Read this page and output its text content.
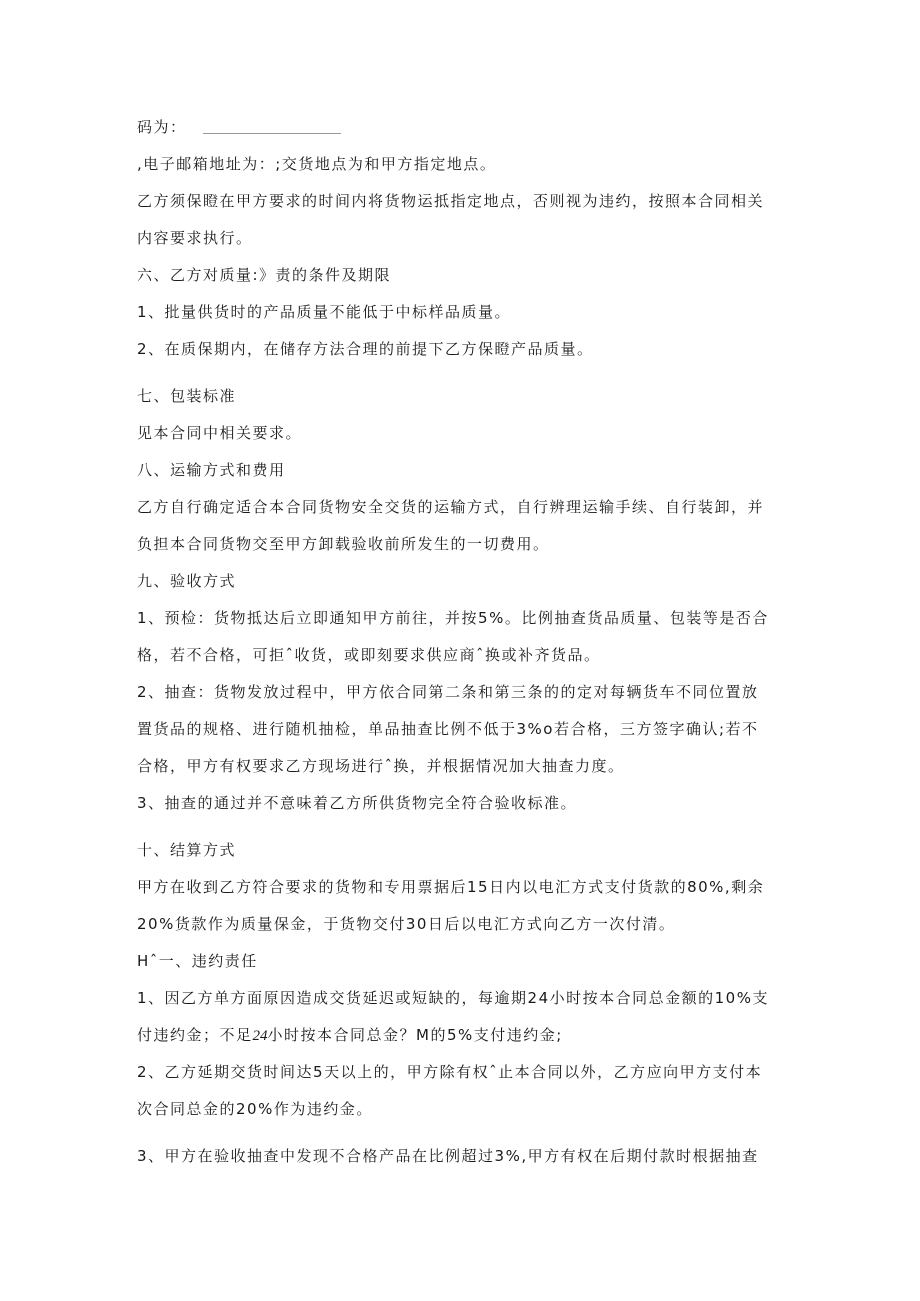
码为：
,电子邮箱地址为：;交货地点为和甲方指定地点。
乙方须保瞪在甲方要求的时间内将货物运抵指定地点，否则视为违约，按照本合同相关
内容要求执行。
六、乙方对质量:》责的条件及期限
1、批量供货时的产品质量不能低于中标样品质量。
2、在质保期内，在储存方法合理的前提下乙方保瞪产品质量。
七、包装标准
见本合同中相关要求。
八、运输方式和费用
乙方自行确定适合本合同货物安全交货的运输方式，自行辨理运输手续、自行装卸，并
负担本合同货物交至甲方卸载验收前所发生的一切费用。
九、验收方式
1、预检：货物抵达后立即通知甲方前往，并按5%。比例抽查货品质量、包装等是否合
格，若不合格，可拒ˆ收货，或即刻要求供应商ˆ换或补齐货品。
2、抽查：货物发放过程中，甲方依合同第二条和第三条的的定对每辆货车不同位置放
置货品的规格、进行随机抽检，单品抽查比例不低于3%o若合格，三方签字确认;若不
合格，甲方有权要求乙方现场进行ˆ换，并根据情况加大抽查力度。
3、抽查的通过并不意味着乙方所供货物完全符合验收标准。
十、结算方式
甲方在收到乙方符合要求的货物和专用票据后15日内以电汇方式支付货款的80%,剩余
20%货款作为质量保金，于货物交付30日后以电汇方式向乙方一次付清。
Hˆ一、违约责任
1、因乙方单方面原因造成交货延迟或短缺的，每逾期24小时按本合同总金额的10%支
付违约金；不足24小时按本合同总金？M的5%支付违约金;
2、乙方延期交货时间达5天以上的，甲方除有权ˆ止本合同以外，乙方应向甲方支付本
次合同总金的20%作为违约金。
3、甲方在验收抽查中发现不合格产品在比例超过3%,甲方有权在后期付款时根据抽查
